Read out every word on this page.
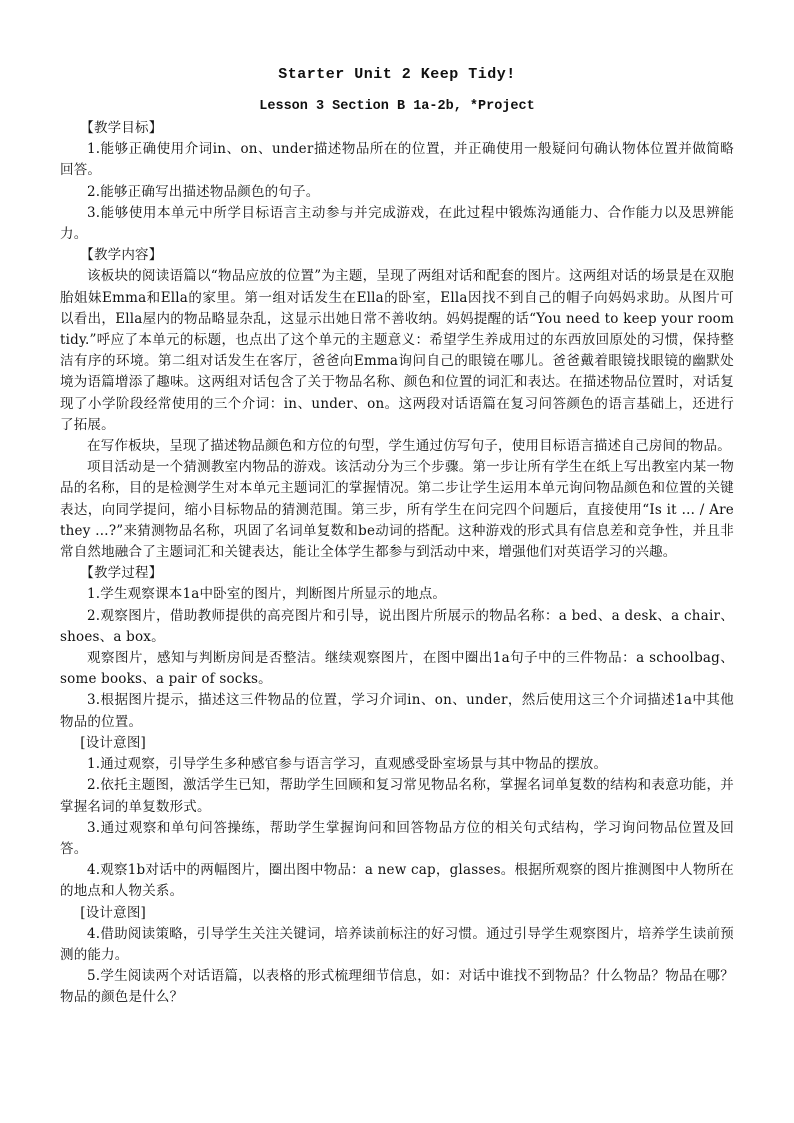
Starter Unit 2 Keep Tidy!
Lesson 3 Section B 1a-2b, *Project

【教学目标】

1.能够正确使用介词in、on、under描述物品所在的位置，并正确使用一般疑问句确认物体位置并做简略回答。

2.能够正确写出描述物品颜色的句子。

3.能够使用本单元中所学目标语言主动参与并完成游戏，在此过程中锻炼沟通能力、合作能力以及思辨能力。

【教学内容】

该板块的阅读语篇以“物品应放的位置”为主题，呈现了两组对话和配套的图片。这两组对话的场景是在双胞胎姐妹Emma和Ella的家里。第一组对话发生在Ella的卧室，Ella因找不到自己的帽子向妈妈求助。从图片可以看出，Ella屋内的物品略显杂乱，这显示出她日常不善收纳。妈妈提醒的话“You need to keep your room tidy.”呼应了本单元的标题，也点出了这个单元的主题意义：希望学生养成用过的东西放回原处的习惯，保持整洁有序的环境。第二组对话发生在客厅，爸爸向Emma询问自己的眼镜在哪儿。爸爸戴着眼镜找眼镜的幽默处境为语篇增添了趣味。这两组对话包含了关于物品名称、颜色和位置的词汇和表达。在描述物品位置时，对话复现了小学阶段经常使用的三个介词：in、under、on。这两段对话语篇在复习问答颜色的语言基础上，还进行了拓展。

在写作板块，呈现了描述物品颜色和方位的句型，学生通过仿写句子，使用目标语言描述自己房间的物品。

项目活动是一个猜测教室内物品的游戏。该活动分为三个步骤。第一步让所有学生在纸上写出教室内某一物品的名称，目的是检测学生对本单元主题词汇的掌握情况。第二步让学生运用本单元询问物品颜色和位置的关键表达，向同学提问，缩小目标物品的猜测范围。第三步，所有学生在问完四个问题后，直接使用“Is it … / Are they …?”来猜测物品名称，巩固了名词单复数和be动词的搭配。这种游戏的形式具有信息差和竞争性，并且非常自然地融合了主题词汇和关键表达，能让全体学生都参与到活动中来，增强他们对英语学习的兴趣。

【教学过程】

1.学生观察课本1a中卧室的图片，判断图片所显示的地点。

2.观察图片，借助教师提供的高亮图片和引导，说出图片所展示的物品名称：a bed、a desk、a chair、shoes、a box。

观察图片，感知与判断房间是否整洁。继续观察图片，在图中圈出1a句子中的三件物品：a schoolbag、some books、a pair of socks。

3.根据图片提示，描述这三件物品的位置，学习介词in、on、under，然后使用这三个介词描述1a中其他物品的位置。

[设计意图]

1.通过观察，引导学生多种感官参与语言学习，直观感受卧室场景与其中物品的摆放。

2.依托主题图，激活学生已知，帮助学生回顾和复习常见物品名称，掌握名词单复数的结构和表意功能，并掌握名词的单复数形式。

3.通过观察和单句问答操练，帮助学生掌握询问和回答物品方位的相关句式结构，学习询问物品位置及回答。

4.观察1b对话中的两幅图片，圈出图中物品：a new cap，glasses。根据所观察的图片推测图中人物所在的地点和人物关系。

[设计意图]

4.借助阅读策略，引导学生关注关键词，培养读前标注的好习惯。通过引导学生观察图片，培养学生读前预测的能力。

5.学生阅读两个对话语篇，以表格的形式梳理细节信息，如：对话中谁找不到物品？什么物品？物品在哪？物品的颜色是什么？
